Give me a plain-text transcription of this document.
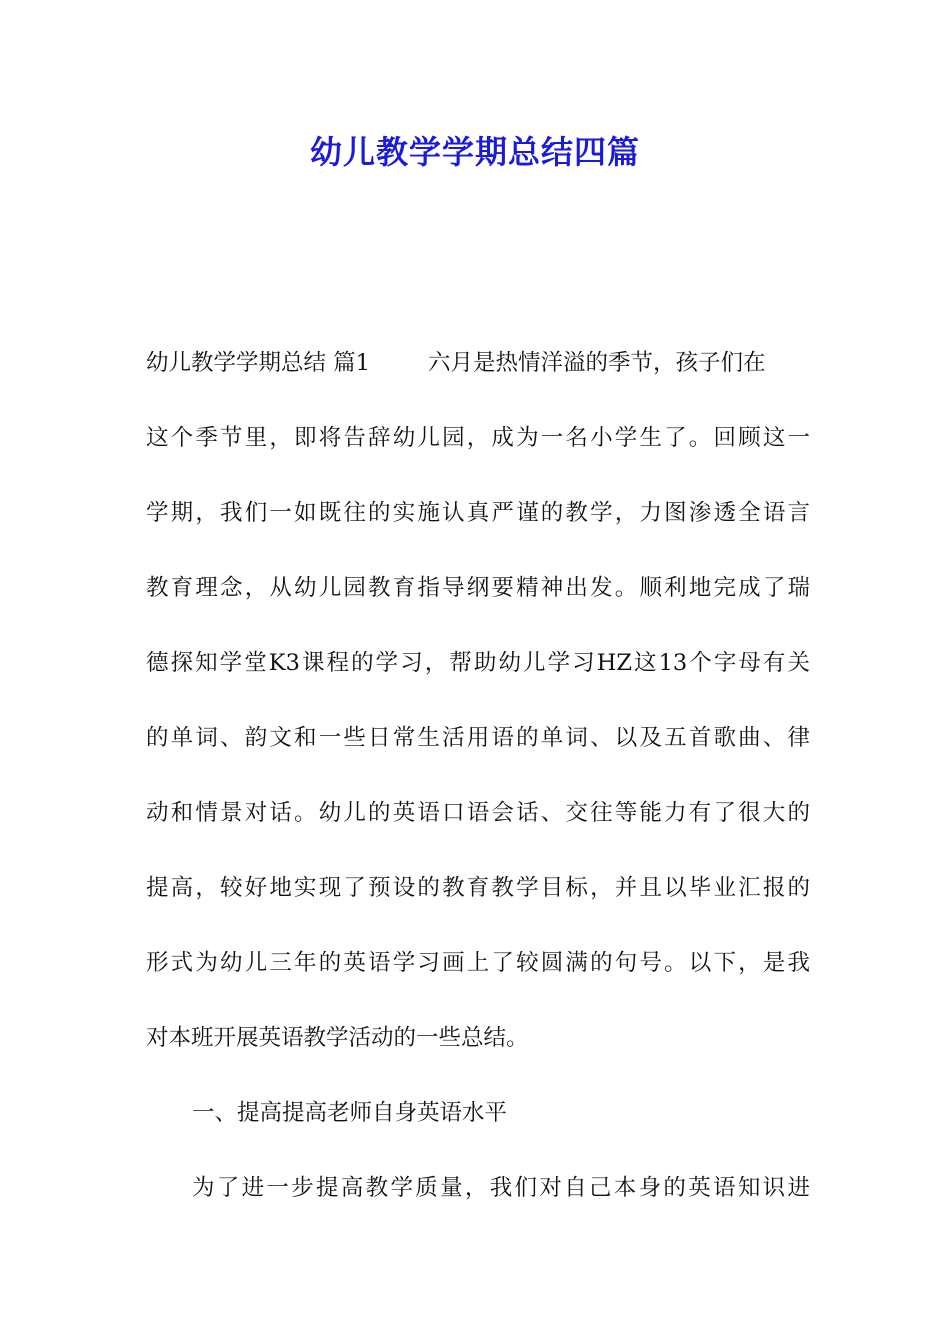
幼儿教学学期总结四篇
幼儿教学学期总结 篇1	六月是热情洋溢的季节，孩子们在
这个季节里，即将告辞幼儿园，成为一名小学生了。回顾这一
学期，我们一如既往的实施认真严谨的教学，力图渗透全语言
教育理念，从幼儿园教育指导纲要精神出发。顺利地完成了瑞
德探知学堂K3课程的学习，帮助幼儿学习HZ这13个字母有关
的单词、韵文和一些日常生活用语的单词、以及五首歌曲、律
动和情景对话。幼儿的英语口语会话、交往等能力有了很大的
提高，较好地实现了预设的教育教学目标，并且以毕业汇报的
形式为幼儿三年的英语学习画上了较圆满的句号。以下，是我
对本班开展英语教学活动的一些总结。
一、提高提高老师自身英语水平
为了进一步提高教学质量，我们对自己本身的英语知识进
